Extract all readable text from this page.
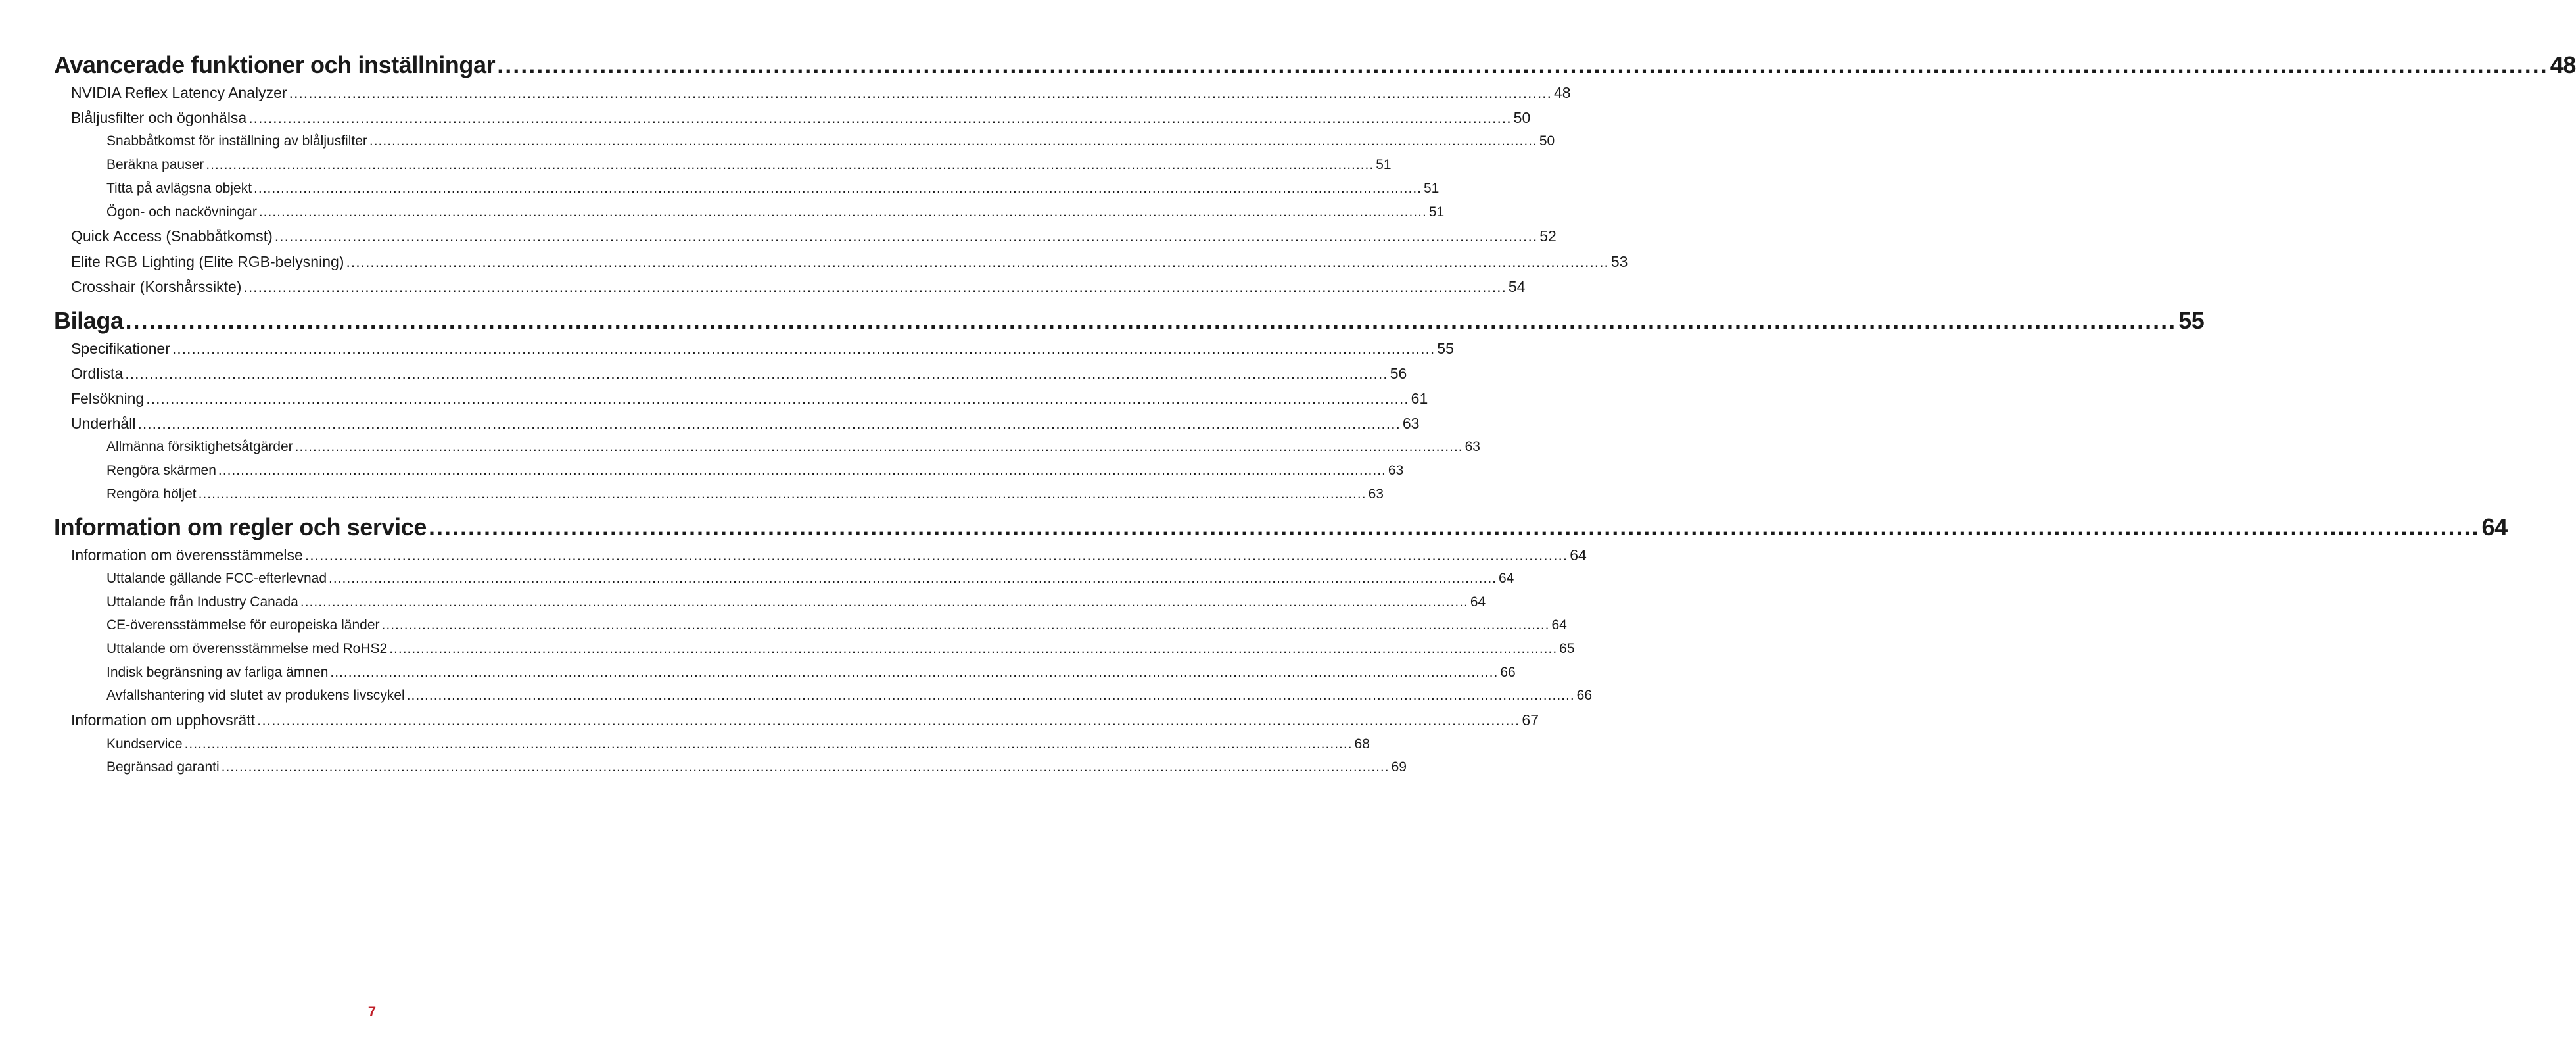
Avancerade funktioner och inställningar .................................................................................................................................................................................................................................................................... 48
NVIDIA Reflex Latency Analyzer .................................................................................................................................................................................................................................................................... 48
Blåljusfilter och ögonhälsa .................................................................................................................................................................................................................................................................... 50
Snabbåtkomst för inställning av blåljusfilter .................................................................................................................................................................................................................................................................... 50
Beräkna pauser .................................................................................................................................................................................................................................................................... 51
Titta på avlägsna objekt .................................................................................................................................................................................................................................................................... 51
Ögon- och nackövningar .................................................................................................................................................................................................................................................................... 51
Quick Access (Snabbåtkomst) .................................................................................................................................................................................................................................................................... 52
Elite RGB Lighting (Elite RGB-belysning) .................................................................................................................................................................................................................................................................... 53
Crosshair (Korshårssikte) .................................................................................................................................................................................................................................................................... 54
Bilaga .................................................................................................................................................................................................................................................................... 55
Specifikationer .................................................................................................................................................................................................................................................................... 55
Ordlista .................................................................................................................................................................................................................................................................... 56
Felsökning .................................................................................................................................................................................................................................................................... 61
Underhåll .................................................................................................................................................................................................................................................................... 63
Allmänna försiktighetsåtgärder .................................................................................................................................................................................................................................................................... 63
Rengöra skärmen .................................................................................................................................................................................................................................................................... 63
Rengöra höljet .................................................................................................................................................................................................................................................................... 63
Information om regler och service .................................................................................................................................................................................................................................................................... 64
Information om överensstämmelse .................................................................................................................................................................................................................................................................... 64
Uttalande gällande FCC-efterlevnad .................................................................................................................................................................................................................................................................... 64
Uttalande från Industry Canada .................................................................................................................................................................................................................................................................... 64
CE-överensstämmelse för europeiska länder .................................................................................................................................................................................................................................................................... 64
Uttalande om överensstämmelse med RoHS2 .................................................................................................................................................................................................................................................................... 65
Indisk begränsning av farliga ämnen .................................................................................................................................................................................................................................................................... 66
Avfallshantering vid slutet av produkens livscykel .................................................................................................................................................................................................................................................................... 66
Information om upphovsrätt .................................................................................................................................................................................................................................................................... 67
Kundservice .................................................................................................................................................................................................................................................................... 68
Begränsad garanti .................................................................................................................................................................................................................................................................... 69
7
